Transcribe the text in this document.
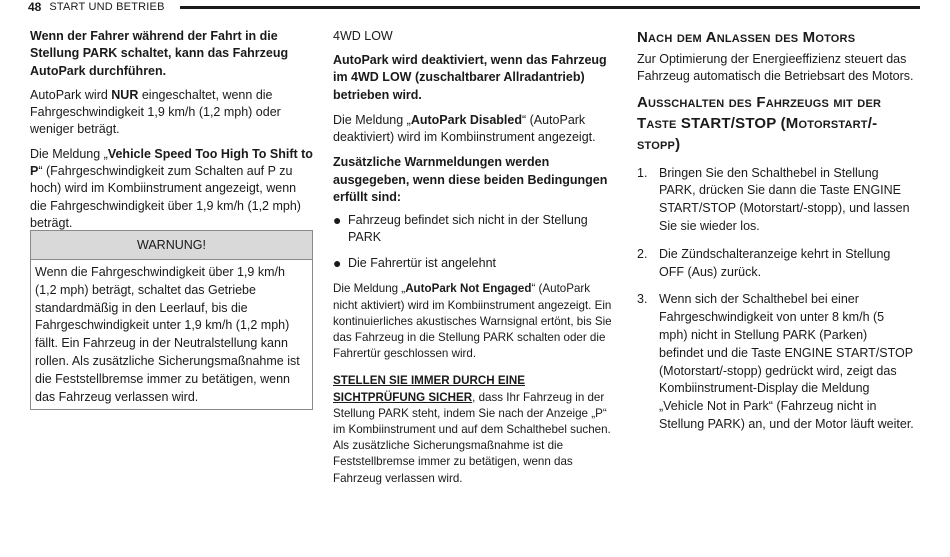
48 START UND BETRIEB

Wenn der Fahrer während der Fahrt in die Stellung PARK schaltet, kann das Fahrzeug AutoPark durchführen.

AutoPark wird NUR eingeschaltet, wenn die Fahrgeschwindigkeit 1,9 km/h (1,2 mph) oder weniger beträgt.

Die Meldung „Vehicle Speed Too High To Shift to P“ (Fahrgeschwindigkeit zum Schalten auf P zu hoch) wird im Kombiinstrument angezeigt, wenn die Fahrgeschwindigkeit über 1,9 km/h (1,2 mph) beträgt.

WARNUNG!
Wenn die Fahrgeschwindigkeit über 1,9 km/h (1,2 mph) beträgt, schaltet das Getriebe standardmäßig in den Leerlauf, bis die Fahrgeschwindigkeit unter 1,9 km/h (1,2 mph) fällt. Ein Fahrzeug in der Neutralstellung kann rollen. Als zusätzliche Sicherungsmaßnahme ist die Feststellbremse immer zu betätigen, wenn das Fahrzeug verlassen wird.

4WD LOW

AutoPark wird deaktiviert, wenn das Fahrzeug im 4WD LOW (zuschaltbarer Allradantrieb) betrieben wird.

Die Meldung „AutoPark Disabled“ (AutoPark deaktiviert) wird im Kombiinstrument angezeigt.

Zusätzliche Warnmeldungen werden ausgegeben, wenn diese beiden Bedingungen erfüllt sind:

● Fahrzeug befindet sich nicht in der Stellung PARK
● Die Fahrertür ist angelehnt

Die Meldung „AutoPark Not Engaged“ (AutoPark nicht aktiviert) wird im Kombiinstrument angezeigt. Ein kontinuierliches akustisches Warnsignal ertönt, bis Sie das Fahrzeug in die Stellung PARK schalten oder die Fahrertür geschlossen wird.

STELLEN SIE IMMER DURCH EINE SICHTPRÜFUNG SICHER, dass Ihr Fahrzeug in der Stellung PARK steht, indem Sie nach der Anzeige „P“ im Kombiinstrument und auf dem Schalthebel suchen. Als zusätzliche Sicherungsmaßnahme ist die Feststellbremse immer zu betätigen, wenn das Fahrzeug verlassen wird.

Nach dem Anlassen des Motors

Zur Optimierung der Energieeffizienz steuert das Fahrzeug automatisch die Betriebsart des Motors.

Ausschalten des Fahrzeugs mit der Taste START/STOP (Motorstart/-stopp)

1. Bringen Sie den Schalthebel in Stellung PARK, drücken Sie dann die Taste ENGINE START/STOP (Motorstart/-stopp), und lassen Sie sie wieder los.
2. Die Zündschalteranzeige kehrt in Stellung OFF (Aus) zurück.
3. Wenn sich der Schalthebel bei einer Fahrgeschwindigkeit von unter 8 km/h (5 mph) nicht in Stellung PARK (Parken) befindet und die Taste ENGINE START/STOP (Motorstart/-stopp) gedrückt wird, zeigt das Kombiinstrument-Display die Meldung „Vehicle Not in Park“ (Fahrzeug nicht in Stellung PARK) an, und der Motor läuft weiter.
